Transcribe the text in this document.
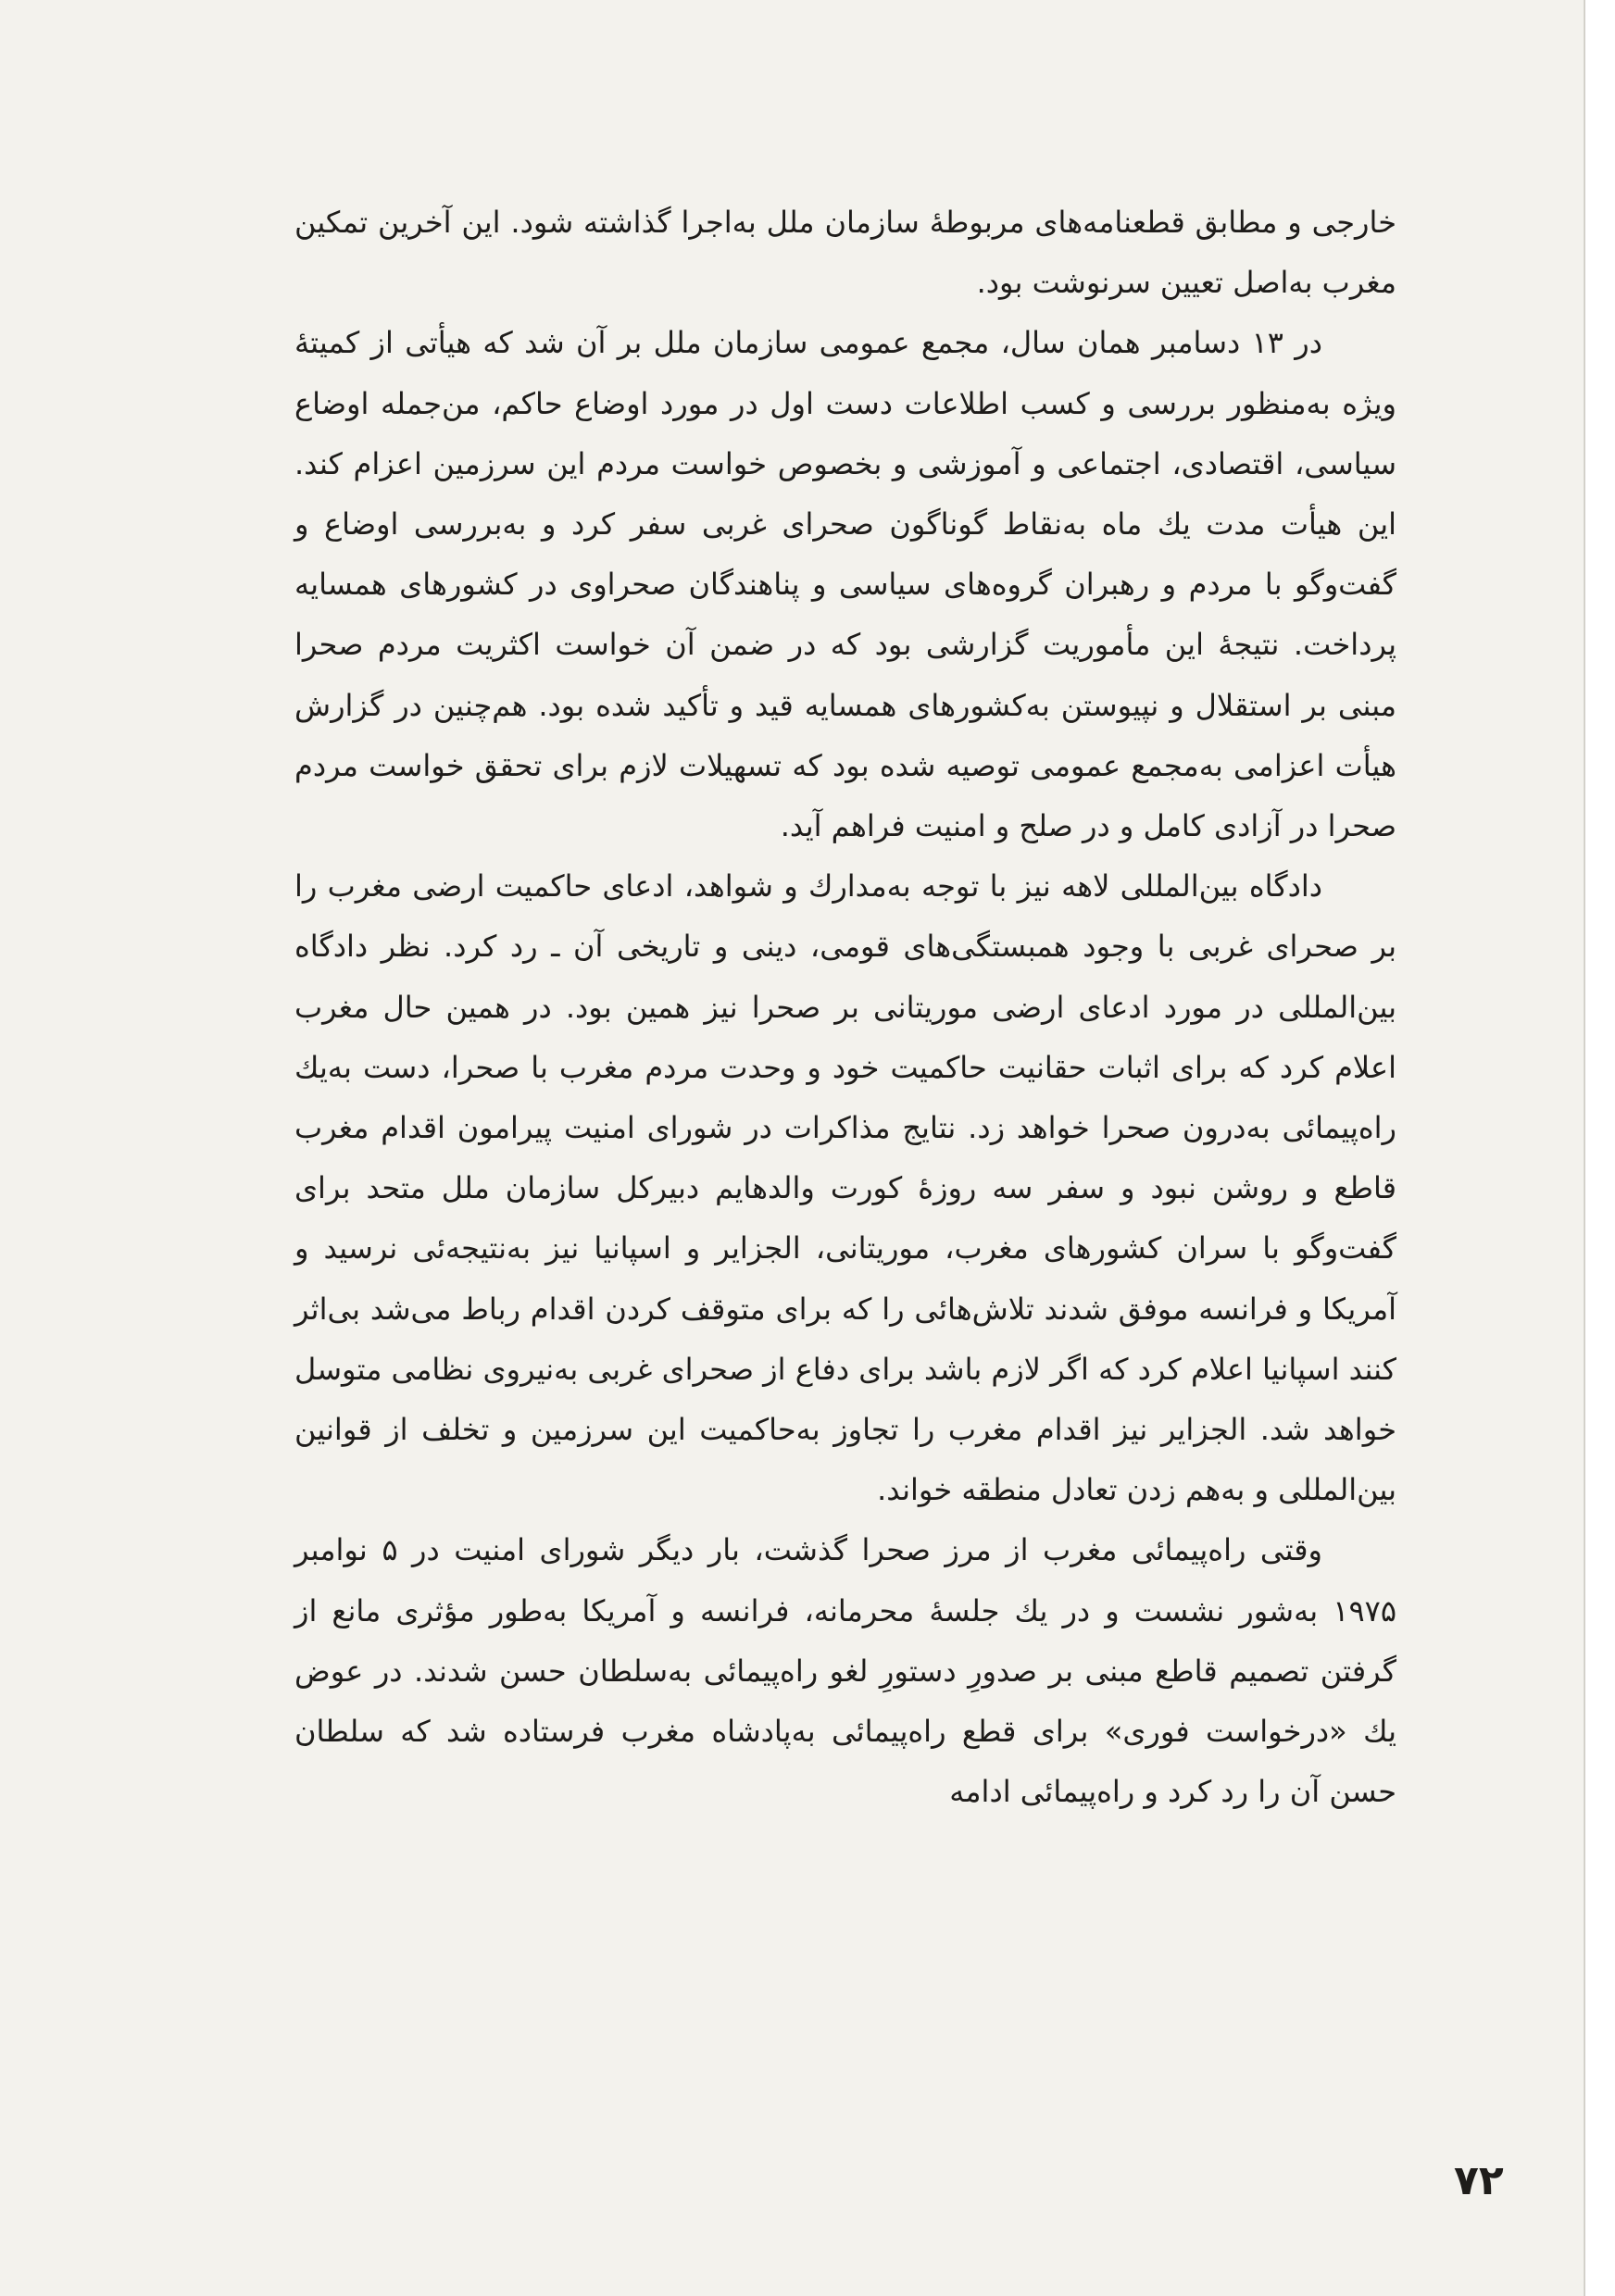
خارجی و مطابق قطعنامه‌های مربوطهٔ سازمان ملل به‌اجرا گذاشته شود. این آخرین تمکین مغرب به‌اصل تعیین سرنوشت بود.

در ۱۳ دسامبر همان سال، مجمع عمومی سازمان ملل بر آن شد که هیأتی از کمیتهٔ ویژه به‌منظور بررسی و کسب اطلاعات دست اول در مورد اوضاع حاکم، من‌جمله اوضاع سیاسی، اقتصادی، اجتماعی و آموزشی و بخصوص خواست مردم این سرزمین اعزام کند. این هیأت مدت یك ماه به‌نقاط گوناگون صحرای غربی سفر کرد و به‌بررسی اوضاع و گفت‌وگو با مردم و رهبران گروه‌های سیاسی و پناهندگان صحراوی در کشورهای همسایه پرداخت. نتیجهٔ این مأموریت گزارشی بود که در ضمن آن خواست اکثریت مردم صحرا مبنی بر استقلال و نپیوستن به‌کشورهای همسایه قید و تأکید شده بود. هم‌چنین در گزارش هیأت اعزامی به‌مجمع عمومی توصیه شده بود که تسهیلات لازم برای تحقق خواست مردم صحرا در آزادی کامل و در صلح و امنیت فراهم آید.

دادگاه بین‌المللی لاهه نیز با توجه به‌مدارك و شواهد، ادعای حاکمیت ارضی مغرب را بر صحرای غربی با وجود همبستگی‌های قومی، دینی و تاریخی آن ـ رد کرد. نظر دادگاه بین‌المللی در مورد ادعای ارضی موریتانی بر صحرا نیز همین بود. در همین حال مغرب اعلام کرد که برای اثبات حقانیت حاکمیت خود و وحدت مردم مغرب با صحرا، دست به‌یك راه‌پیمائی به‌درون صحرا خواهد زد. نتایج مذاکرات در شورای امنیت پیرامون اقدام مغرب قاطع و روشن نبود و سفر سه روزهٔ کورت والدهایم دبیرکل سازمان ملل متحد برای گفت‌وگو با سران کشورهای مغرب، موریتانی، الجزایر و اسپانیا نیز به‌نتیجه‌ئی نرسید و آمریکا و فرانسه موفق شدند تلاش‌هائی را که برای متوقف کردن اقدام رباط می‌شد بی‌اثر کنند اسپانیا اعلام کرد که اگر لازم باشد برای دفاع از صحرای غربی به‌نیروی نظامی متوسل خواهد شد. الجزایر نیز اقدام مغرب را تجاوز به‌حاکمیت این سرزمین و تخلف از قوانین بین‌المللی و به‌هم زدن تعادل منطقه خواند.

وقتی راه‌پیمائی مغرب از مرز صحرا گذشت، بار دیگر شورای امنیت در ۵ نوامبر ۱۹۷۵ به‌شور نشست و در یك جلسهٔ محرمانه، فرانسه و آمریکا به‌طور مؤثری مانع از گرفتن تصمیم قاطع مبنی بر صدورِ دستورِ لغو راه‌پیمائی به‌سلطان حسن شدند. در عوض یك «درخواست فوری» برای قطع راه‌پیمائی به‌پادشاه مغرب فرستاده شد که سلطان حسن آن را رد کرد و راه‌پیمائی ادامه

۷۲
